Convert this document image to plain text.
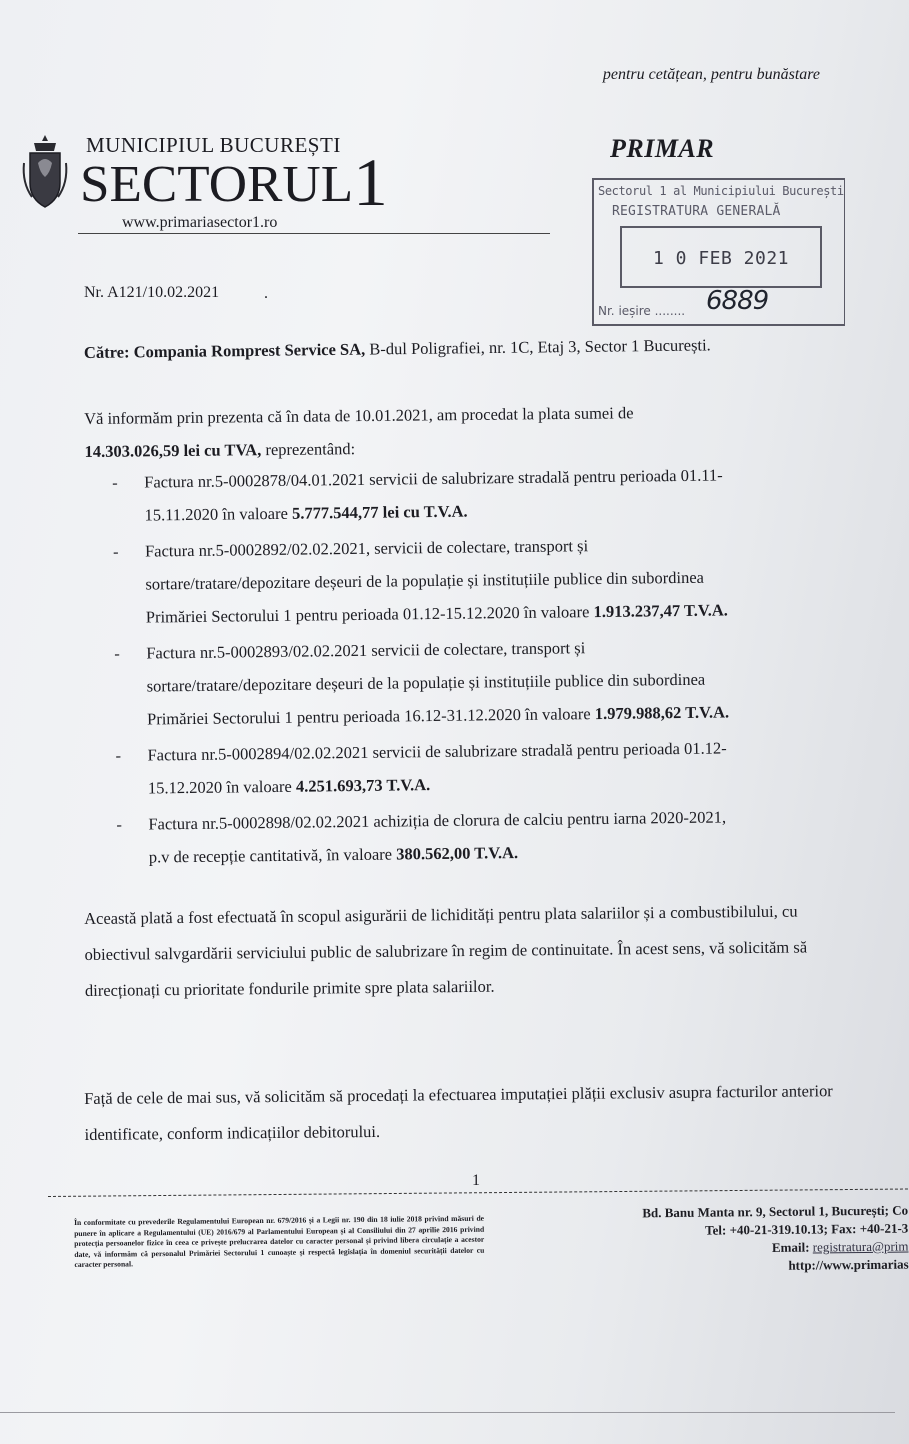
pentru cetățean, pentru bunăstare
MUNICIPIUL BUCUREȘTI
SECTORUL1
www.primariasector1.ro
PRIMAR
Sectorul 1 al Municipiului București
REGISTRATURA GENERALĂ
1 0 FEB 2021
Nr. ieșire ........ 6889
Nr. A121/10.02.2021	.
Către: Compania Romprest Service SA, B-dul Poligrafiei, nr. 1C, Etaj 3, Sector 1 București.
Vă informăm prin prezenta că în data de 10.01.2021, am procedat la plata sumei de
14.303.026,59 lei cu TVA, reprezentând:
- Factura nr.5-0002878/04.01.2021 servicii de salubrizare stradală pentru perioada 01.11-
15.11.2020 în valoare 5.777.544,77 lei cu T.V.A.
- Factura nr.5-0002892/02.02.2021, servicii de colectare, transport și
sortare/tratare/depozitare deșeuri de la populație și instituțiile publice din subordinea
Primăriei Sectorului 1 pentru perioada 01.12-15.12.2020 în valoare 1.913.237,47 T.V.A.
- Factura nr.5-0002893/02.02.2021 servicii de colectare, transport și
sortare/tratare/depozitare deșeuri de la populație și instituțiile publice din subordinea
Primăriei Sectorului 1 pentru perioada 16.12-31.12.2020 în valoare 1.979.988,62 T.V.A.
- Factura nr.5-0002894/02.02.2021 servicii de salubrizare stradală pentru perioada 01.12-
15.12.2020 în valoare 4.251.693,73 T.V.A.
- Factura nr.5-0002898/02.02.2021 achiziția de clorura de calciu pentru iarna 2020-2021,
p.v de recepție cantitativă, în valoare 380.562,00 T.V.A.
Această plată a fost efectuată în scopul asigurării de lichidități pentru plata salariilor și a combustibilului, cu obiectivul salvgardării serviciului public de salubrizare în regim de continuitate. În acest sens, vă solicităm să direcționați cu prioritate fondurile primite spre plata salariilor.
Față de cele de mai sus, vă solicităm să procedați la efectuarea imputației plății exclusiv asupra facturilor anterior identificate, conform indicațiilor debitorului.
1
În conformitate cu prevederile Regulamentului European nr. 679/2016 și a Legii nr. 190 din 18 iulie 2018 privind măsuri de punere în aplicare a Regulamentului (UE) 2016/679 al Parlamentului European și al Consiliului din 27 aprilie 2016 privind protecția persoanelor fizice în ceea ce privește prelucrarea datelor cu caracter personal și privind libera circulație a acestor date, vă informăm că personalul Primăriei Sectorului 1 cunoaște și respectă legislația în domeniul securității datelor cu caracter personal.
Bd. Banu Manta nr. 9, Sectorul 1, București; Co
Tel: +40-21-319.10.13; Fax: +40-21-3
Email: registratura@prim
http://www.primarias
